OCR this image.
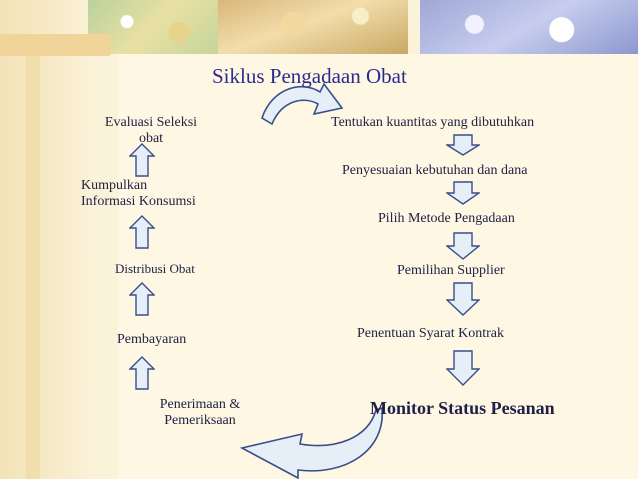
Siklus Pengadaan Obat
Evaluasi Seleksi
obat
Kumpulkan
Informasi Konsumsi
Distribusi Obat
Pembayaran
Penerimaan &
Pemeriksaan
Tentukan kuantitas yang dibutuhkan
Penyesuaian kebutuhan dan dana
Pilih Metode Pengadaan
Pemilihan Supplier
Penentuan Syarat Kontrak
Monitor Status Pesanan
